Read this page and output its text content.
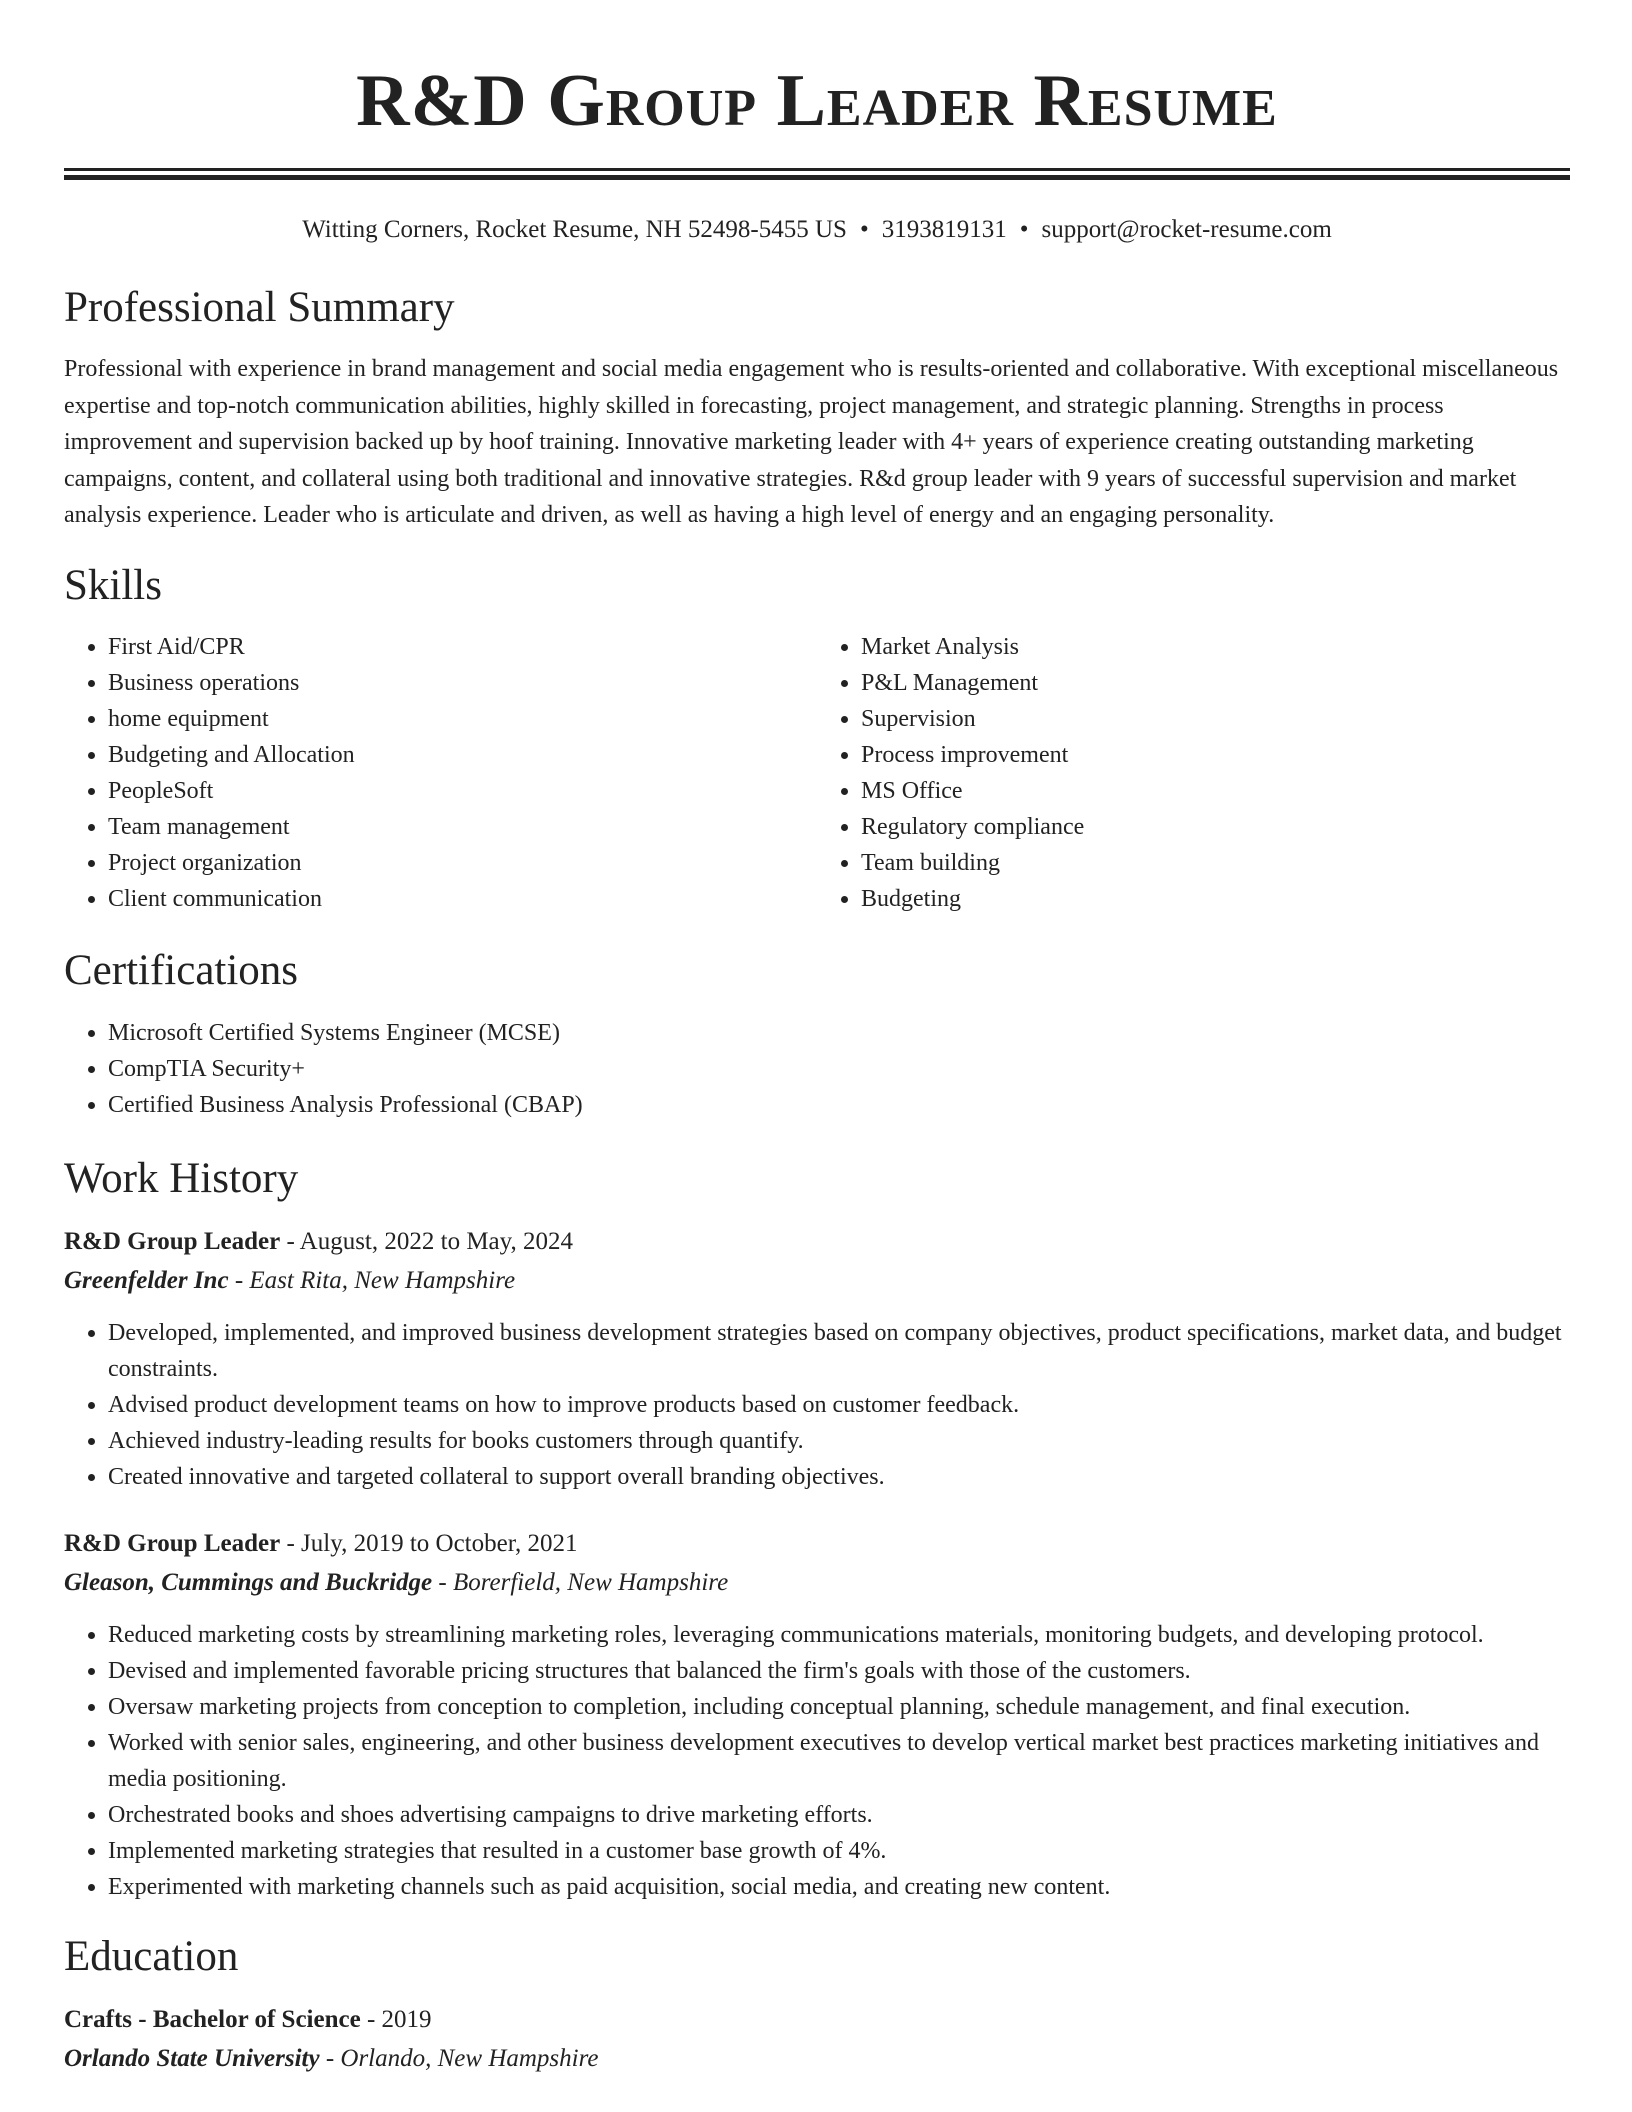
R&D Group Leader Resume
Witting Corners, Rocket Resume, NH 52498-5455 US • 3193819131 • support@rocket-resume.com
Professional Summary

Professional with experience in brand management and social media engagement who is results-oriented and collaborative. With exceptional miscellaneous expertise and top-notch communication abilities, highly skilled in forecasting, project management, and strategic planning. Strengths in process improvement and supervision backed up by hoof training. Innovative marketing leader with 4+ years of experience creating outstanding marketing campaigns, content, and collateral using both traditional and innovative strategies. R&d group leader with 9 years of successful supervision and market analysis experience. Leader who is articulate and driven, as well as having a high level of energy and an engaging personality.

Skills
• First Aid/CPR
• Business operations
• home equipment
• Budgeting and Allocation
• PeopleSoft
• Team management
• Project organization
• Client communication
• Market Analysis
• P&L Management
• Supervision
• Process improvement
• MS Office
• Regulatory compliance
• Team building
• Budgeting
Certifications
• Microsoft Certified Systems Engineer (MCSE)
• CompTIA Security+
• Certified Business Analysis Professional (CBAP)
Work History
R&D Group Leader - August, 2022 to May, 2024
Greenfelder Inc - East Rita, New Hampshire
• Developed, implemented, and improved business development strategies based on company objectives, product specifications, market data, and budget constraints.
• Advised product development teams on how to improve products based on customer feedback.
• Achieved industry-leading results for books customers through quantify.
• Created innovative and targeted collateral to support overall branding objectives.
R&D Group Leader - July, 2019 to October, 2021
Gleason, Cummings and Buckridge - Borerfield, New Hampshire
• Reduced marketing costs by streamlining marketing roles, leveraging communications materials, monitoring budgets, and developing protocol.
• Devised and implemented favorable pricing structures that balanced the firm's goals with those of the customers.
• Oversaw marketing projects from conception to completion, including conceptual planning, schedule management, and final execution.
• Worked with senior sales, engineering, and other business development executives to develop vertical market best practices marketing initiatives and media positioning.
• Orchestrated books and shoes advertising campaigns to drive marketing efforts.
• Implemented marketing strategies that resulted in a customer base growth of 4%.
• Experimented with marketing channels such as paid acquisition, social media, and creating new content.
Education
Crafts - Bachelor of Science - 2019
Orlando State University - Orlando, New Hampshire
